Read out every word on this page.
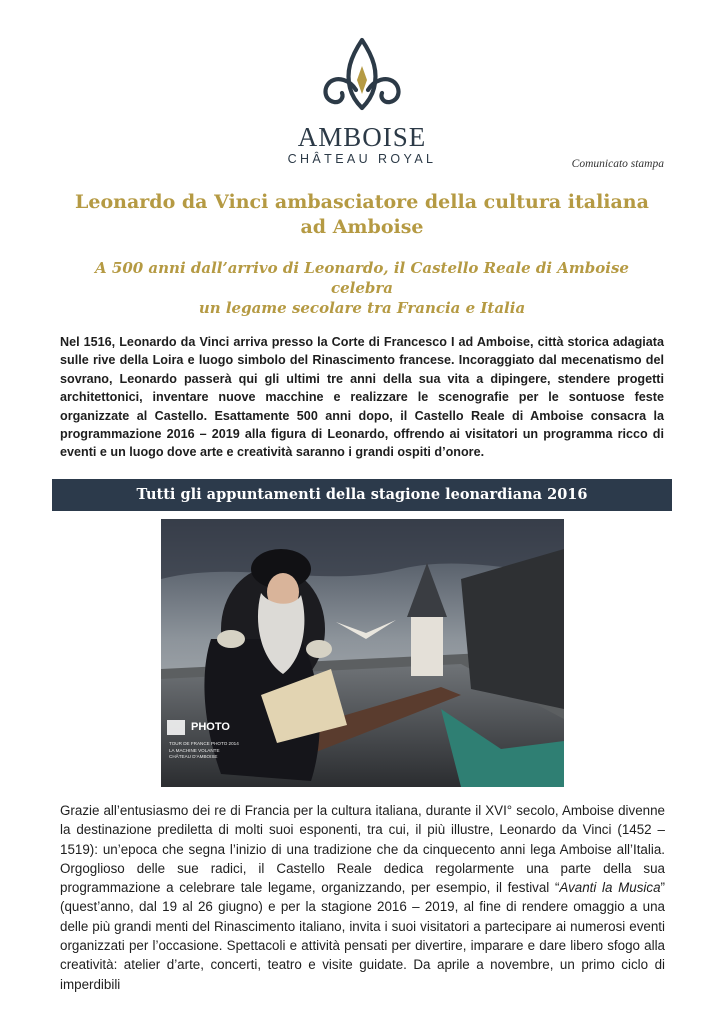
AMBOISE
CHÂTEAU ROYAL	Comunicato stampa
Leonardo da Vinci ambasciatore della cultura italiana ad Amboise
A 500 anni dall’arrivo di Leonardo, il Castello Reale di Amboise
celebra
un legame secolare tra Francia e Italia

Nel 1516, Leonardo da Vinci arriva presso la Corte di Francesco I ad Amboise, città storica adagiata sulle rive della Loira e luogo simbolo del Rinascimento francese. Incoraggiato dal mecenatismo del sovrano, Leonardo passerà qui gli ultimi tre anni della sua vita a dipingere, stendere progetti architettonici, inventare nuove macchine e realizzare le scenografie per le sontuose feste organizzate al Castello. Esattamente 500 anni dopo, il Castello Reale di Amboise consacra la programmazione 2016 – 2019 alla figura di Leonardo, offrendo ai visitatori un programma ricco di eventi e un luogo dove arte e creatività saranno i grandi ospiti d’onore.

Tutti gli appuntamenti della stagione leonardiana 2016
PHOTO
TOUR DE FRANCE PHOTO 2014
LA MACHINE VOLANTE
CHÂTEAU D’AMBOISE

Grazie all’entusiasmo dei re di Francia per la cultura italiana, durante il XVI° secolo, Amboise divenne la destinazione prediletta di molti suoi esponenti, tra cui, il più illustre, Leonardo da Vinci (1452 – 1519): un’epoca che segna l’inizio di una tradizione che da cinquecento anni lega Amboise all’Italia. Orgoglioso delle sue radici, il Castello Reale dedica regolarmente una parte della sua programmazione a celebrare tale legame, organizzando, per esempio, il festival “Avanti la Musica” (quest’anno, dal 19 al 26 giugno) e per la stagione 2016 – 2019, al fine di rendere omaggio a una delle più grandi menti del Rinascimento italiano, invita i suoi visitatori a partecipare ai numerosi eventi organizzati per l’occasione. Spettacoli e attività pensati per divertire, imparare e dare libero sfogo alla creatività: atelier d’arte, concerti, teatro e visite guidate. Da aprile a novembre, un primo ciclo di imperdibili
